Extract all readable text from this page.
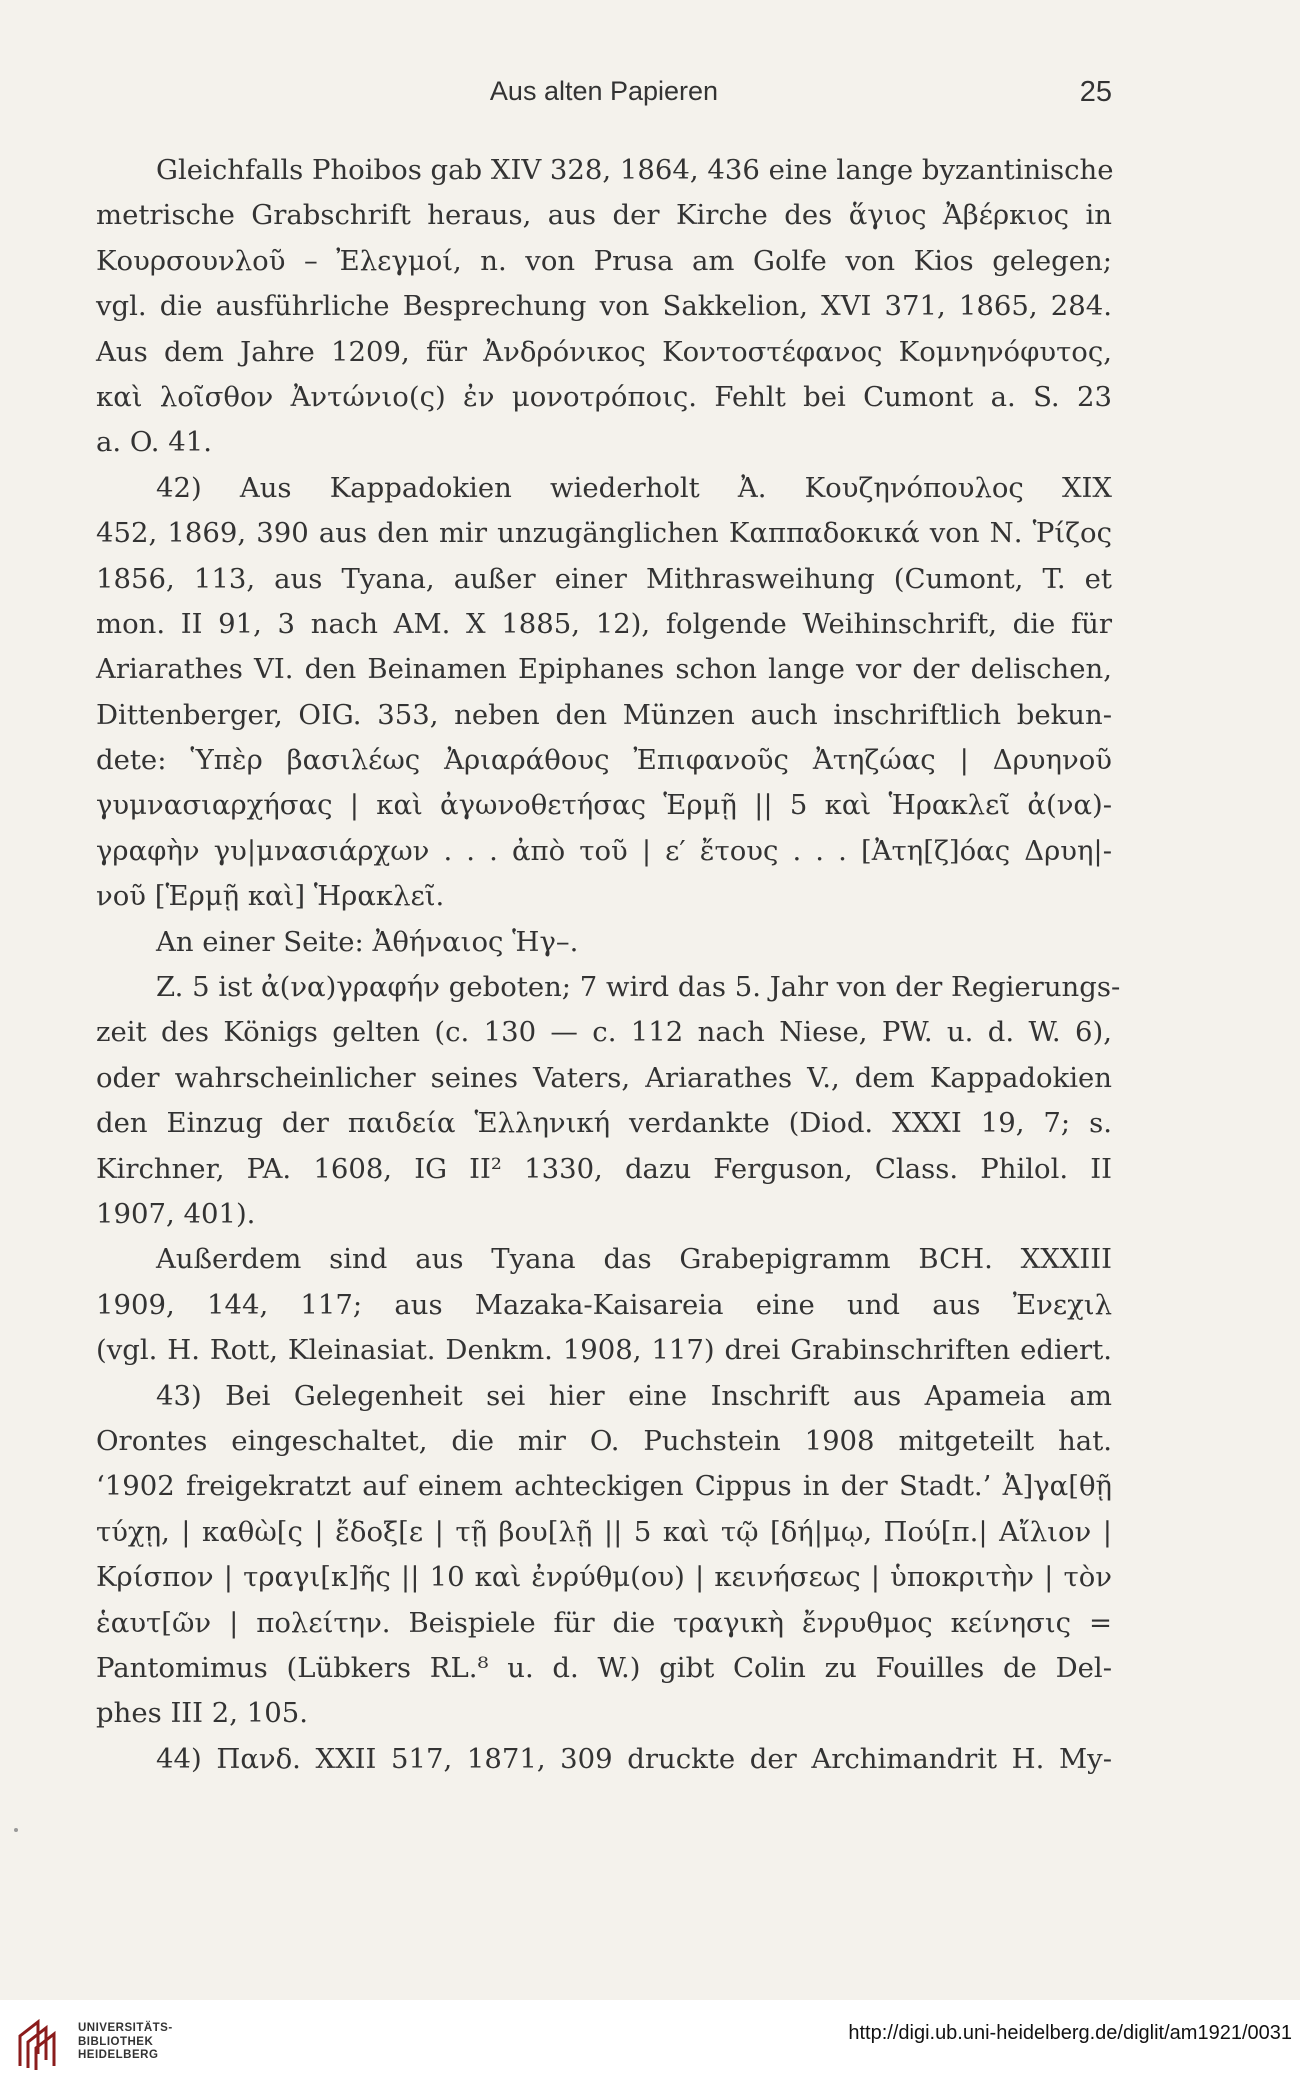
Aus alten Papieren	25
Gleichfalls Phoibos gab XIV 328, 1864, 436 eine lange byzantinische
metrische Grabschrift heraus, aus der Kirche des ἅγιος Ἀβέρκιος in
Κουρσουνλοῦ – Ἐλεγμοί, n. von Prusa am Golfe von Kios gelegen;
vgl. die ausführliche Besprechung von Sakkelion, XVI 371, 1865, 284.
Aus dem Jahre 1209, für Ἀνδρόνικος Κοντοστέφανος Κομνηνόφυτος,
καὶ λοῖσθον Ἀντώνιο(ς) ἐν μονοτρόποις. Fehlt bei Cumont a. S. 23
a. O. 41.
42) Aus Kappadokien wiederholt Ἀ. Κουζηνόπουλος XIX
452, 1869, 390 aus den mir unzugänglichen Καππαδοκικά von Ν. Ῥίζος
1856, 113, aus Tyana, außer einer Mithrasweihung (Cumont, T. et
mon. II 91, 3 nach AM. X 1885, 12), folgende Weihinschrift, die für
Ariarathes VI. den Beinamen Epiphanes schon lange vor der delischen,
Dittenberger, OIG. 353, neben den Münzen auch inschriftlich bekun-
dete: Ὑπὲρ βασιλέως Ἀριαράθους Ἐπιφανοῦς Ἀτηζώας | Δρυηνοῦ
γυμνασιαρχήσας | καὶ ἀγωνοθετήσας Ἑρμῇ || 5 καὶ Ἡρακλεῖ ἀ(να)-
γραφὴν γυ|μνασιάρχων . . . ἀπὸ τοῦ | ε′ ἔτους . . . [Ἀτη[ζ]όας Δρυη|-
νοῦ [Ἑρμῇ καὶ] Ἡρακλεῖ.
An einer Seite: Ἀθήναιος Ἡγ–.
Z. 5 ist ἀ(να)γραφήν geboten; 7 wird das 5. Jahr von der Regierungs-
zeit des Königs gelten (c. 130 — c. 112 nach Niese, PW. u. d. W. 6),
oder wahrscheinlicher seines Vaters, Ariarathes V., dem Kappadokien
den Einzug der παιδεία Ἑλληνική verdankte (Diod. XXXI 19, 7; s.
Kirchner, PA. 1608, IG II² 1330, dazu Ferguson, Class. Philol. II
1907, 401).
Außerdem sind aus Tyana das Grabepigramm BCH. XXXIII
1909, 144, 117; aus Mazaka-Kaisareia eine und aus Ἐνεχιλ
(vgl. H. Rott, Kleinasiat. Denkm. 1908, 117) drei Grabinschriften ediert.
43) Bei Gelegenheit sei hier eine Inschrift aus Apameia am
Orontes eingeschaltet, die mir O. Puchstein 1908 mitgeteilt hat.
‘1902 freigekratzt auf einem achteckigen Cippus in der Stadt.’ Ἀ]γα[θῇ
τύχῃ, | καθὼ[ς | ἔδοξ[ε | τῇ βου[λῇ || 5 καὶ τῷ [δή|μῳ, Πού[π.| Αἴλιον |
Κρίσπον | τραγι[κ]ῆς || 10 καὶ ἐνρύθμ(ου) | κεινήσεως | ὑποκριτὴν | τὸν
ἑαυτ[ῶν | πολείτην. Beispiele für die τραγικὴ ἔνρυθμος κείνησις =
Pantomimus (Lübkers RL.⁸ u. d. W.) gibt Colin zu Fouilles de Del-
phes III 2, 105.
44) Πανδ. XXII 517, 1871, 309 druckte der Archimandrit H. My-
UNIVERSITÄTS-
BIBLIOTHEK
HEIDELBERG
http://digi.ub.uni-heidelberg.de/diglit/am1921/0031
